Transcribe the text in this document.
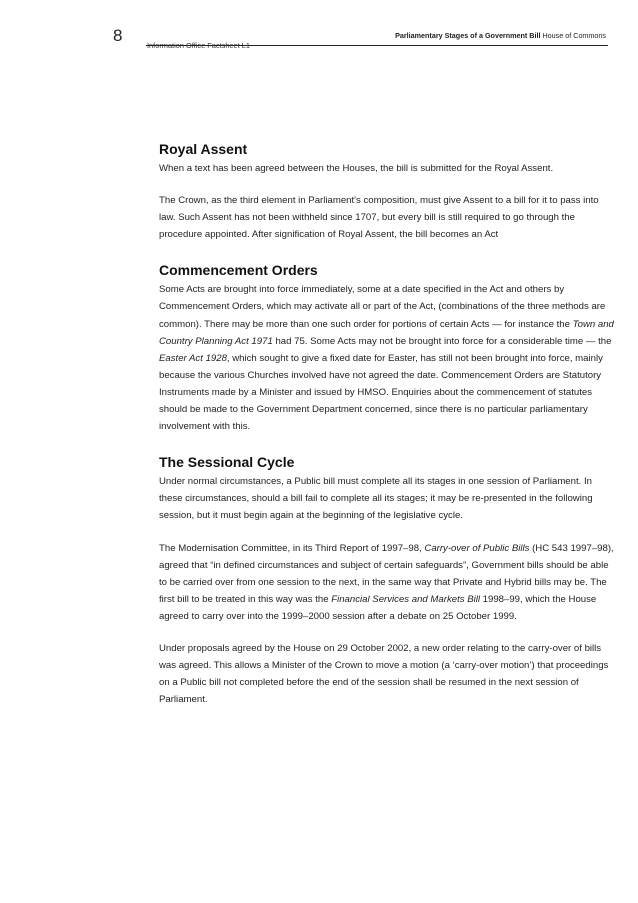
8	Parliamentary Stages of a Government Bill House of Commons
Information Office Factsheet L1
Royal Assent

When a text has been agreed between the Houses, the bill is submitted for the Royal Assent.

The Crown, as the third element in Parliament's composition, must give Assent to a bill for it to pass into law. Such Assent has not been withheld since 1707, but every bill is still required to go through the procedure appointed. After signification of Royal Assent, the bill becomes an Act

Commencement Orders

Some Acts are brought into force immediately, some at a date specified in the Act and others by Commencement Orders, which may activate all or part of the Act, (combinations of the three methods are common). There may be more than one such order for portions of certain Acts — for instance the Town and Country Planning Act 1971 had 75. Some Acts may not be brought into force for a considerable time — the Easter Act 1928, which sought to give a fixed date for Easter, has still not been brought into force, mainly because the various Churches involved have not agreed the date. Commencement Orders are Statutory Instruments made by a Minister and issued by HMSO. Enquiries about the commencement of statutes should be made to the Government Department concerned, since there is no particular parliamentary involvement with this.

The Sessional Cycle

Under normal circumstances, a Public bill must complete all its stages in one session of Parliament. In these circumstances, should a bill fail to complete all its stages; it may be re-presented in the following session, but it must begin again at the beginning of the legislative cycle.

The Modernisation Committee, in its Third Report of 1997–98, Carry-over of Public Bills (HC 543 1997–98), agreed that “in defined circumstances and subject of certain safeguards”, Government bills should be able to be carried over from one session to the next, in the same way that Private and Hybrid bills may be. The first bill to be treated in this way was the Financial Services and Markets Bill 1998–99, which the House agreed to carry over into the 1999–2000 session after a debate on 25 October 1999.

Under proposals agreed by the House on 29 October 2002, a new order relating to the carry-over of bills was agreed. This allows a Minister of the Crown to move a motion (a ‘carry-over motion’) that proceedings on a Public bill not completed before the end of the session shall be resumed in the next session of Parliament.
